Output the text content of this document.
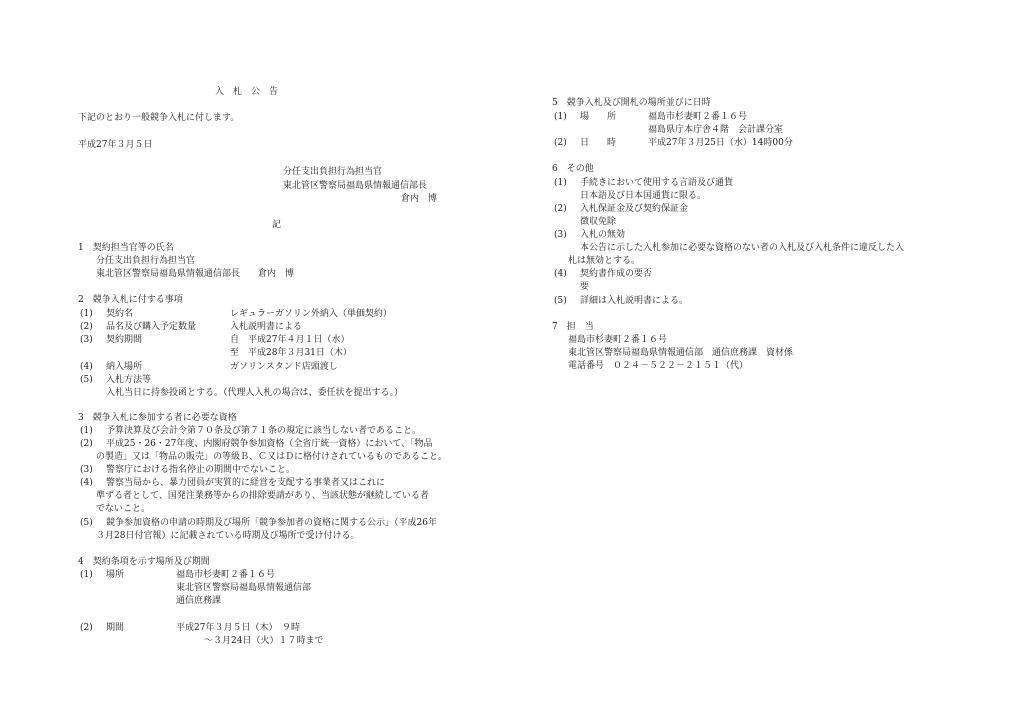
入　札　公　告
下記のとおり一般競争入札に付します。
平成27年３月５日
分任支出負担行為担当官
東北管区警察局福島県情報通信部長
倉内　博
記
1　契約担当官等の氏名
分任支出負担行為担当官
東北管区警察局福島県情報通信部長　　倉内　博
2　競争入札に付する事項
(1) 契約名	レギュラーガソリン外納入（単価契約）
(2) 品名及び購入予定数量	入札説明書による
(3) 契約期間	自　平成27年４月１日（水）
至　平成28年３月31日（木）
(4) 納入場所	ガソリンスタンド店頭渡し
(5) 入札方法等
入札当日に持参投函とする。（代理人入札の場合は、委任状を提出する。）
3　競争入札に参加する者に必要な資格
(1) 予算決算及び会計令第７０条及び第７１条の規定に該当しない者であること。
(2) 平成25・26・27年度、内閣府競争参加資格（全省庁統一資格）において、「物品
の製造」又は「物品の販売」の等級Ｂ、Ｃ又はＤに格付けされているものであること。
(3) 警察庁における指名停止の期間中でないこと。
(4) 警察当局から、暴力団員が実質的に経営を支配する事業者又はこれに
準ずる者として、国発注業務等からの排除要請があり、当該状態が継続している者
でないこと。
(5) 競争参加資格の申請の時期及び場所「競争参加者の資格に関する公示」（平成26年
３月28日付官報）に記載されている時期及び場所で受け付ける。
4　契約条項を示す場所及び期間
(1) 場所	福島市杉妻町２番１６号
東北管区警察局福島県情報通信部
通信庶務課
(2) 期間	平成27年３月５日（木）　９時
～３月24日（火）１７時まで
5　競争入札及び開札の場所並びに日時
(1) 場　　所	福島市杉妻町２番１６号
福島県庁本庁舎４階　会計課分室
(2) 日　　時	平成27年３月25日（水）14時00分
6　その他
(1) 手続きにおいて使用する言語及び通貨
日本語及び日本国通貨に限る。
(2) 入札保証金及び契約保証金
徴収免除
(3) 入札の無効
本公告に示した入札参加に必要な資格のない者の入札及び入札条件に違反した入
札は無効とする。
(4) 契約書作成の要否
要
(5) 詳細は入札説明書による。
7　担　当
福島市杉妻町２番１６号
東北管区警察局福島県情報通信部　通信庶務課　資材係
電話番号　０２４－５２２－２１５１（代）
